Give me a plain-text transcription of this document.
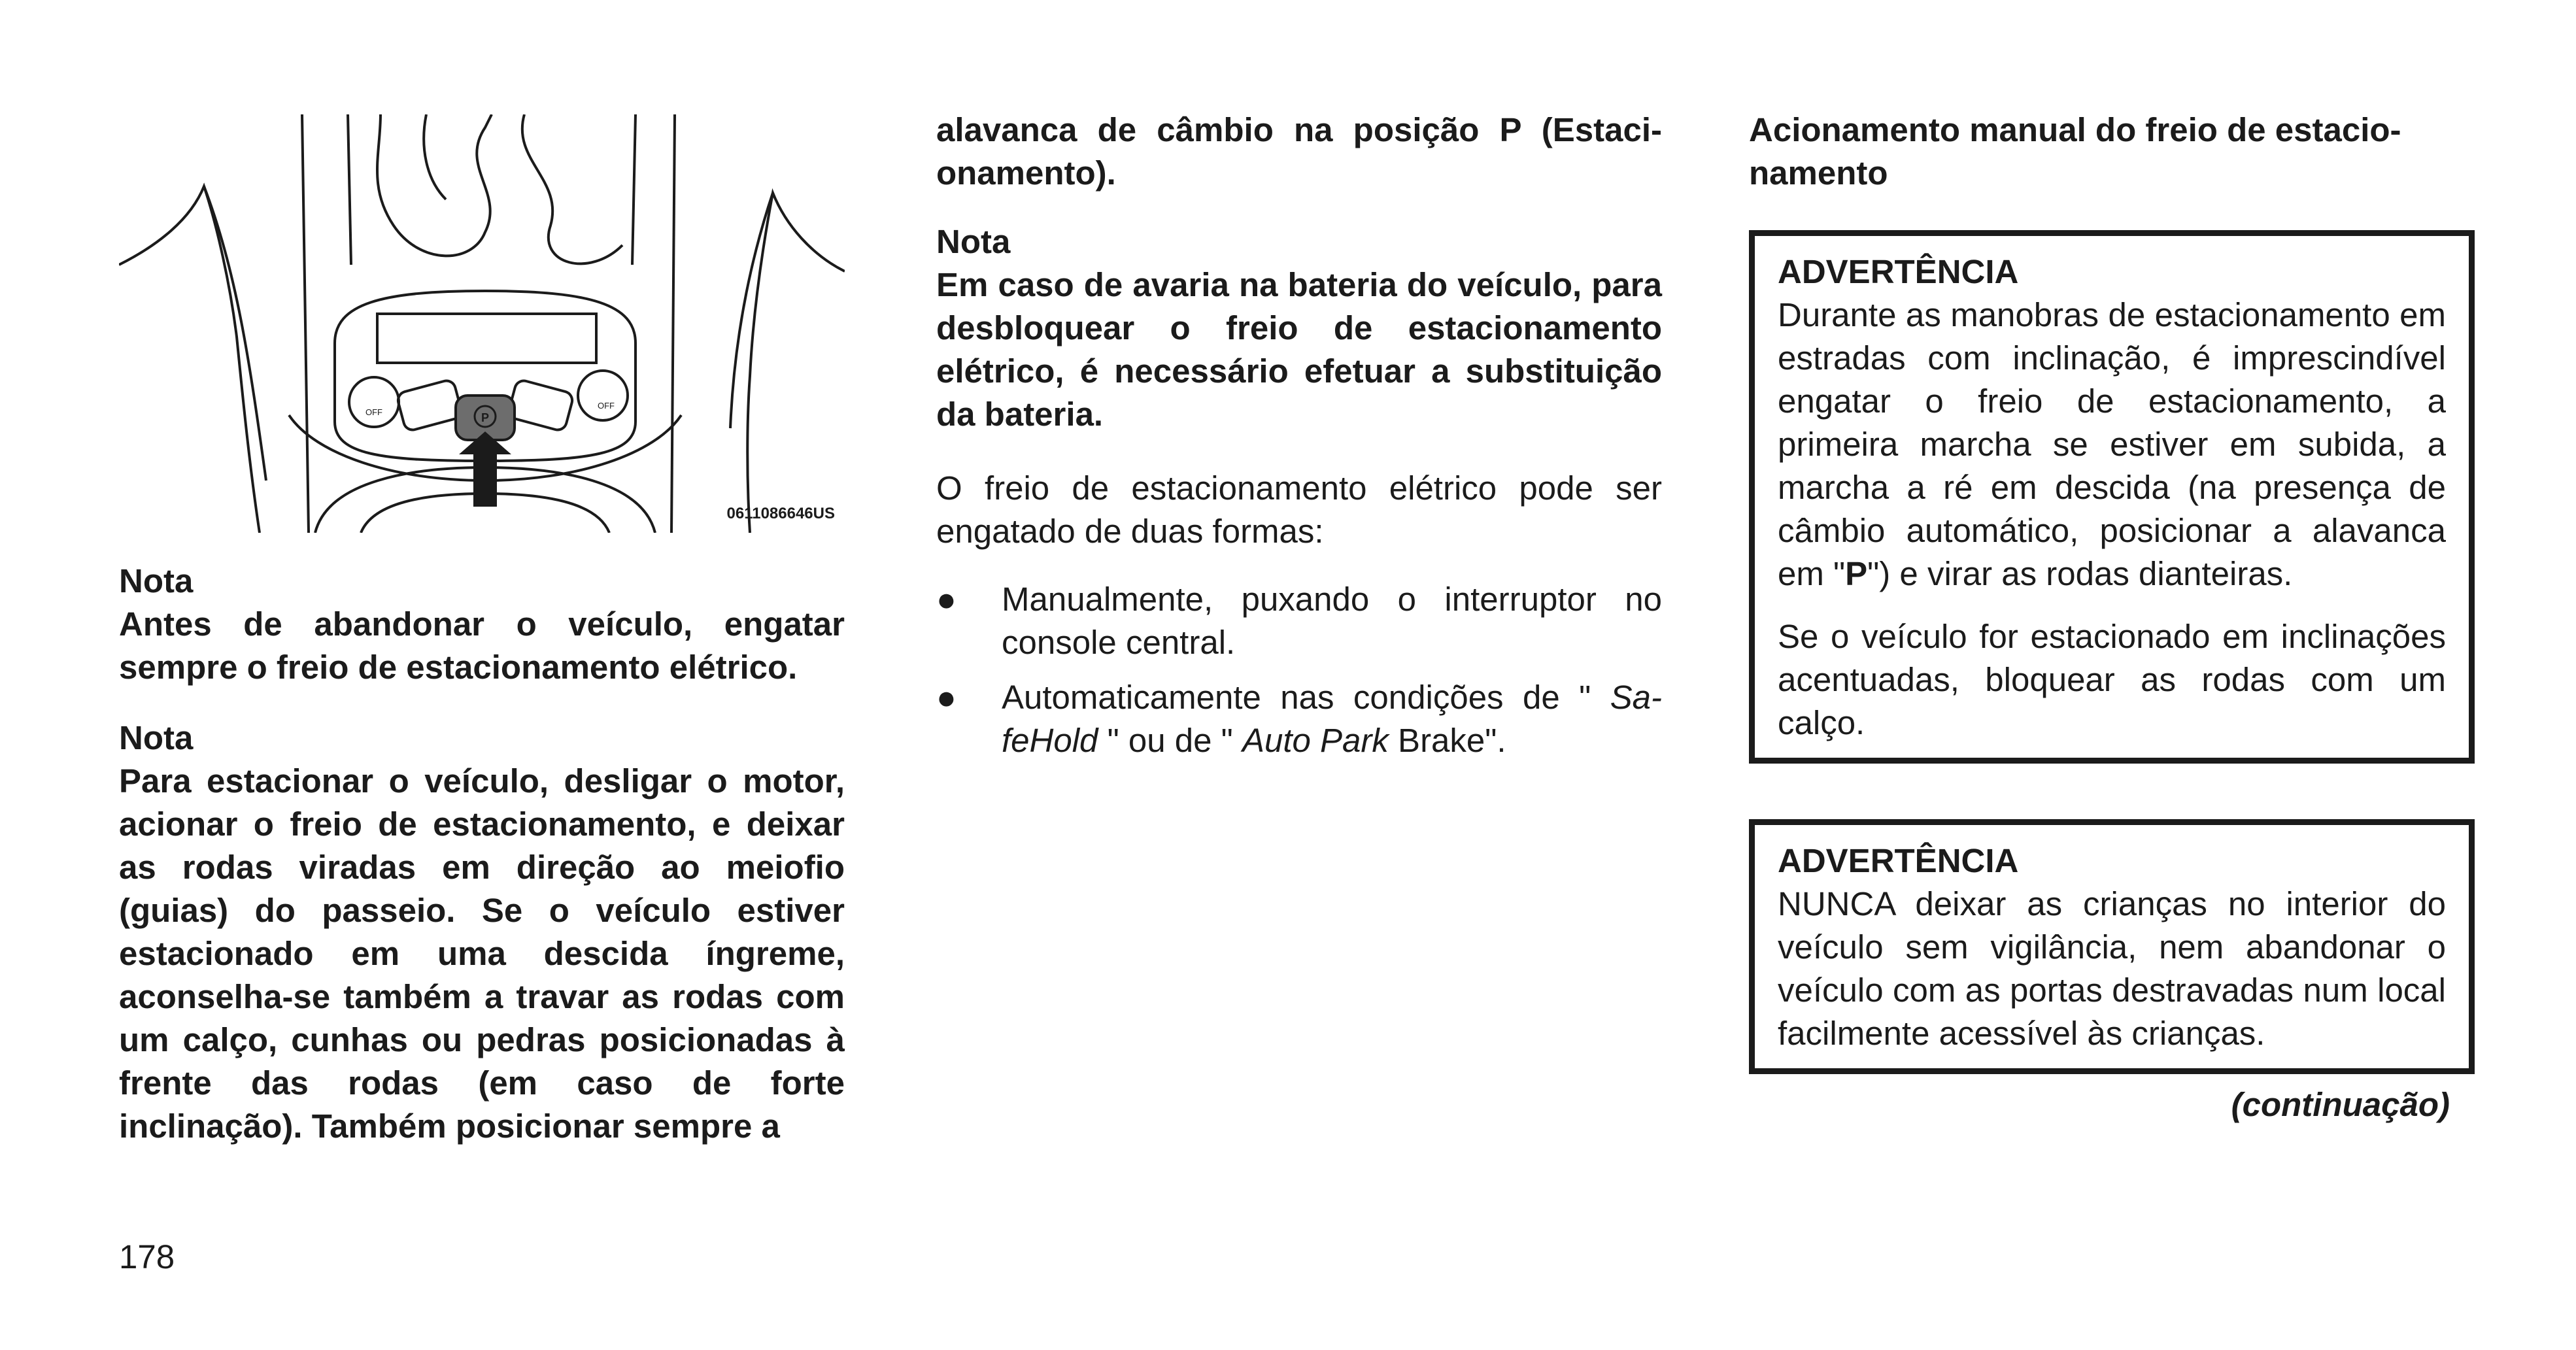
P
OFF
OFF
0611086646US

Nota

Antes de abandonar o veículo, engatar sempre o freio de estacionamento elétrico.

Nota

Para estacionar o veículo, desligar o motor, acionar o freio de estacionamento, e deixar as rodas viradas em direção ao meiofio (guias) do passeio. Se o veículo estiver estacionado em uma descida íngreme, aconselha-se também a travar as rodas com um calço, cunhas ou pedras posicionadas à frente das rodas (em caso de forte inclinação). Também posicionar sempre a

alavanca de câmbio na posição P (Estacionamento).

Nota

Em caso de avaria na bateria do veículo, para desbloquear o freio de estacionamento elétrico, é necessário efetuar a substituição da bateria.

O freio de estacionamento elétrico pode ser engatado de duas formas:

● Manualmente, puxando o interruptor no console central.
● Automaticamente nas condições de " SafeHold " ou de " Auto Park Brake".

Acionamento manual do freio de estacionamento

ADVERTÊNCIA

Durante as manobras de estacionamento em estradas com inclinação, é imprescindível engatar o freio de estacionamento, a primeira marcha se estiver em subida, a marcha a ré em descida (na presença de câmbio automático, posicionar a alavanca em "P") e virar as rodas dianteiras.

Se o veículo for estacionado em inclinações acentuadas, bloquear as rodas com um calço.

ADVERTÊNCIA

NUNCA deixar as crianças no interior do veículo sem vigilância, nem abandonar o veículo com as portas destravadas num local facilmente acessível às crianças.

(continuação)
178
